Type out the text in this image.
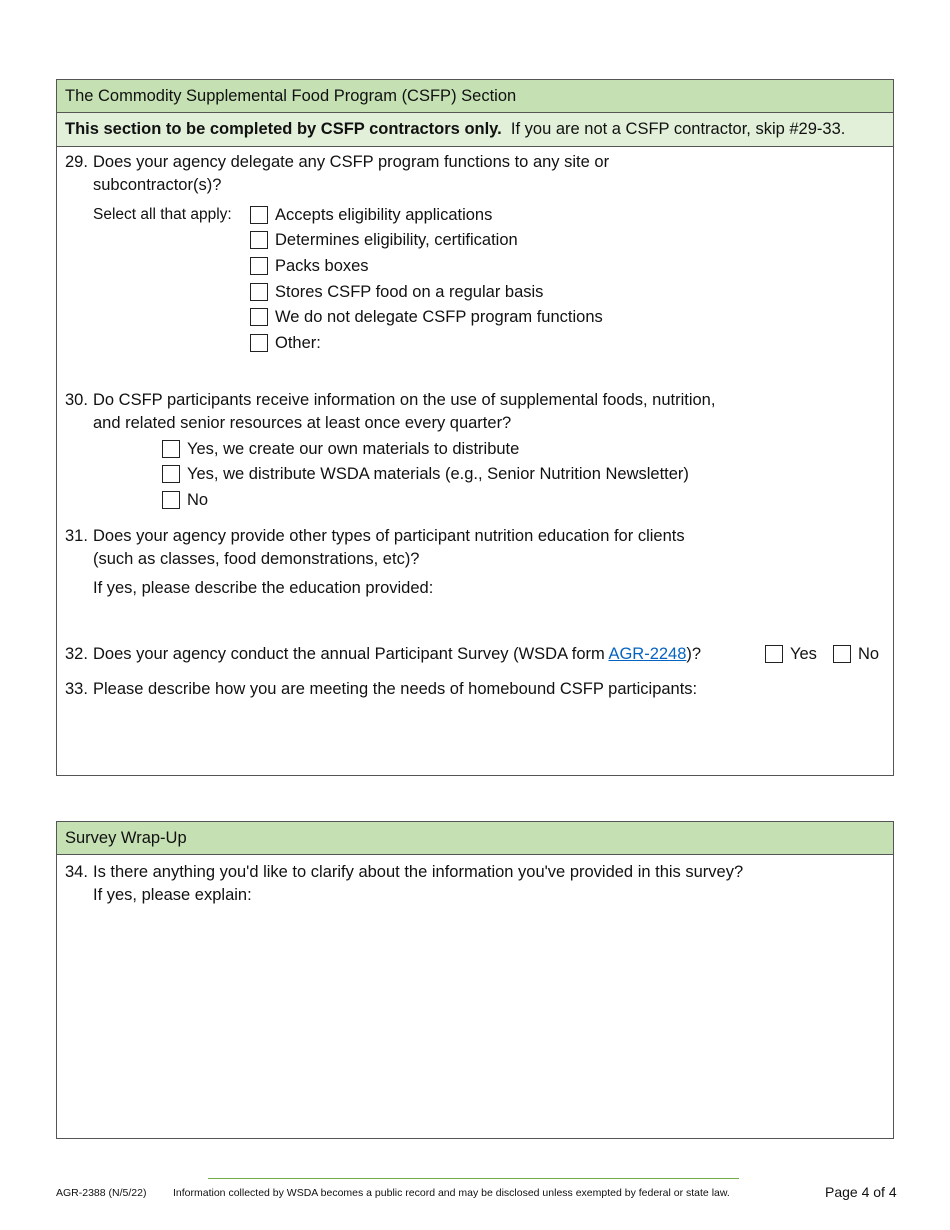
The Commodity Supplemental Food Program (CSFP) Section
This section to be completed by CSFP contractors only. If you are not a CSFP contractor, skip #29-33.
29. Does your agency delegate any CSFP program functions to any site or
subcontractor(s)?
Select all that apply:	Accepts eligibility applications
Determines eligibility, certification
Packs boxes
Stores CSFP food on a regular basis
We do not delegate CSFP program functions
Other:
30. Do CSFP participants receive information on the use of supplemental foods, nutrition,
and related senior resources at least once every quarter?
Yes, we create our own materials to distribute
Yes, we distribute WSDA materials (e.g., Senior Nutrition Newsletter)
No
31. Does your agency provide other types of participant nutrition education for clients
(such as classes, food demonstrations, etc)?
If yes, please describe the education provided:
32. Does your agency conduct the annual Participant Survey (WSDA form AGR-2248)?	Yes No
33. Please describe how you are meeting the needs of homebound CSFP participants:
Survey Wrap-Up
34. Is there anything you'd like to clarify about the information you've provided in this survey?
If yes, please explain:
AGR-2388 (N/5/22)	Information collected by WSDA becomes a public record and may be disclosed unless exempted by federal or state law.	Page 4 of 4
